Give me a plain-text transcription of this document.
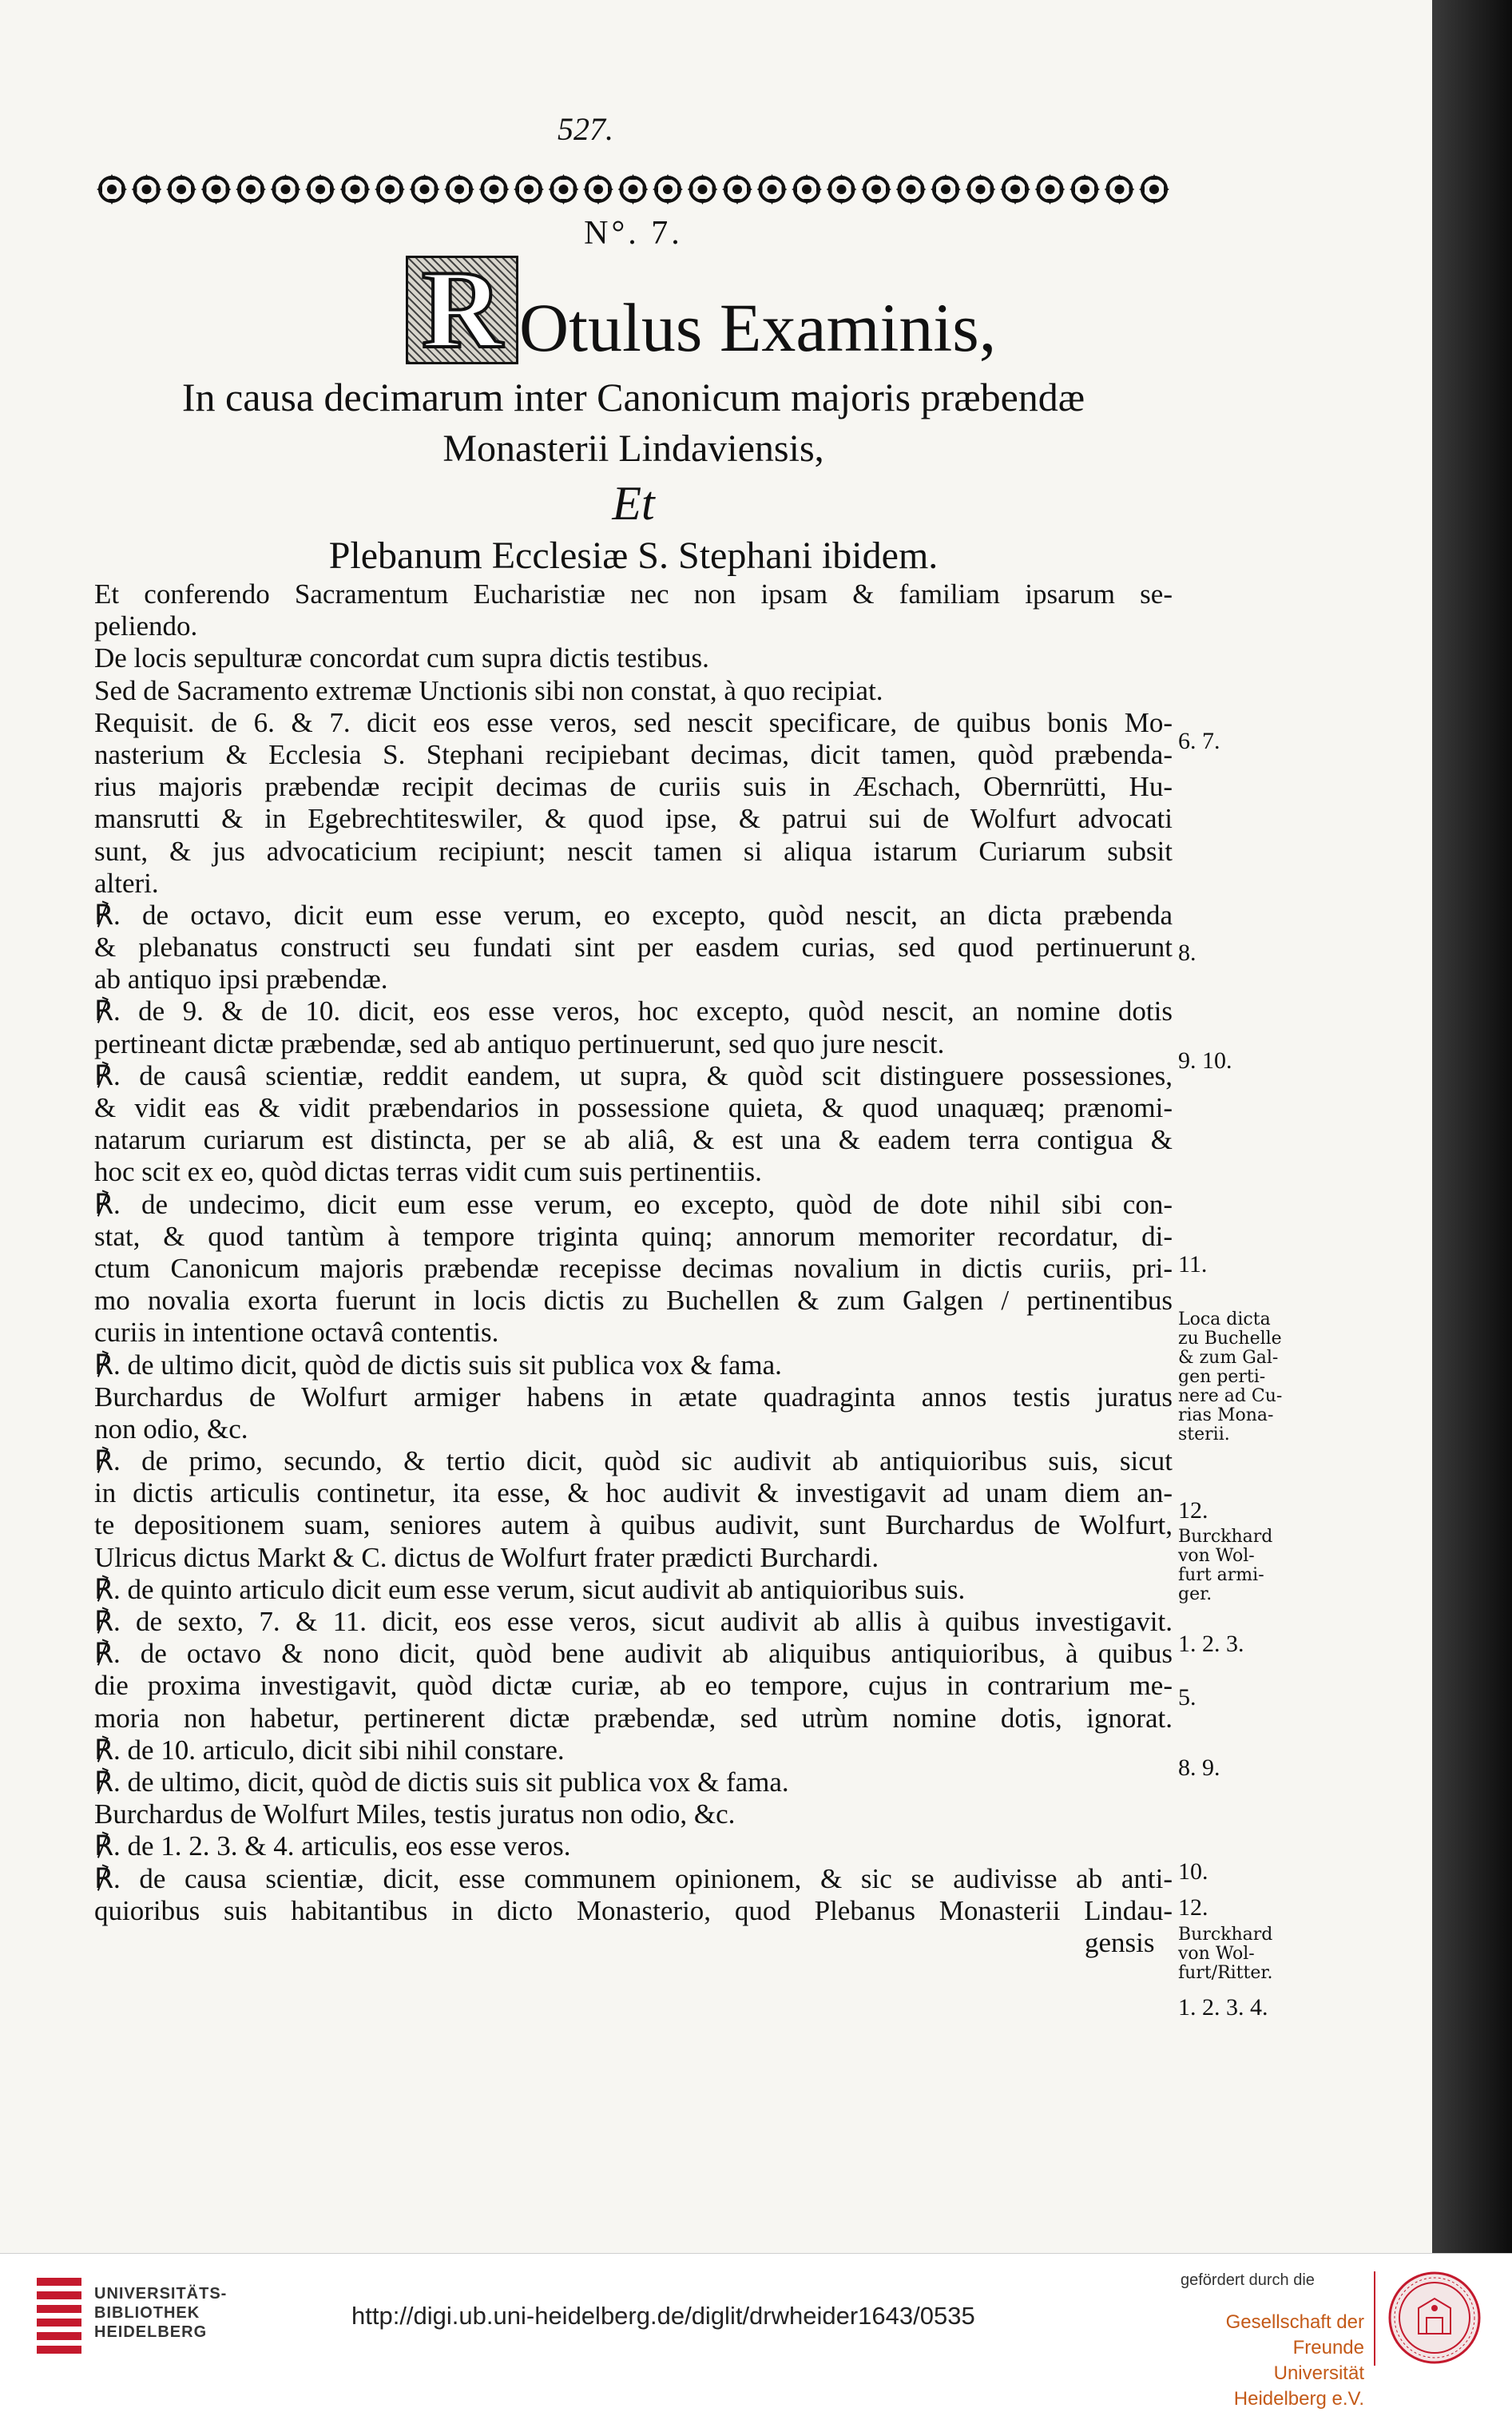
527.
N°. 7.
R Otulus Examinis,
In causa decimarum inter Canonicum majoris præbendæ
Monasterii Lindaviensis,
Et
Plebanum Ecclesiæ S. Stephani ibidem.
Et conferendo Sacramentum Eucharistiæ nec non ipsam & familiam ipsarum se-
peliendo.
De locis sepulturæ concordat cum supra dictis testibus.
Sed de Sacramento extremæ Unctionis sibi non constat, à quo recipiat.
Requisit. de 6. & 7. dicit eos esse veros, sed nescit specificare, de quibus bonis Mo-
nasterium & Ecclesia S. Stephani recipiebant decimas, dicit tamen, quòd præbenda-
rius majoris præbendæ recipit decimas de curiis suis in Æschach, Obernrütti, Hu-
mansrutti & in Egebrechtiteswiler, & quod ipse, & patrui sui de Wolfurt advocati
sunt, & jus advocaticium recipiunt; nescit tamen si aliqua istarum Curiarum subsit
alteri.
℟. de octavo, dicit eum esse verum, eo excepto, quòd nescit, an dicta præbenda
& plebanatus constructi seu fundati sint per easdem curias, sed quod pertinuerunt
ab antiquo ipsi præbendæ.
℟. de 9. & de 10. dicit, eos esse veros, hoc excepto, quòd nescit, an nomine dotis
pertineant dictæ præbendæ, sed ab antiquo pertinuerunt, sed quo jure nescit.
℟. de causâ scientiæ, reddit eandem, ut supra, & quòd scit distinguere possessiones,
& vidit eas & vidit præbendarios in possessione quieta, & quod unaquæq; prænomi-
natarum curiarum est distincta, per se ab aliâ, & est una & eadem terra contigua &
hoc scit ex eo, quòd dictas terras vidit cum suis pertinentiis.
℟. de undecimo, dicit eum esse verum, eo excepto, quòd de dote nihil sibi con-
stat, & quod tantùm à tempore triginta quinq; annorum memoriter recordatur, di-
ctum Canonicum majoris præbendæ recepisse decimas novalium in dictis curiis, pri-
mo novalia exorta fuerunt in locis dictis zu Buchellen & zum Galgen / pertinentibus
curiis in intentione octavâ contentis.
℟. de ultimo dicit, quòd de dictis suis sit publica vox & fama.
Burchardus de Wolfurt armiger habens in ætate quadraginta annos testis juratus
non odio, &c.
℟. de primo, secundo, & tertio dicit, quòd sic audivit ab antiquioribus suis, sicut
in dictis articulis continetur, ita esse, & hoc audivit & investigavit ad unam diem an-
te depositionem suam, seniores autem à quibus audivit, sunt Burchardus de Wolfurt,
Ulricus dictus Markt & C. dictus de Wolfurt frater prædicti Burchardi.
℟. de quinto articulo dicit eum esse verum, sicut audivit ab antiquioribus suis.
℟. de sexto, 7. & 11. dicit, eos esse veros, sicut audivit ab allis à quibus investigavit.
℟. de octavo & nono dicit, quòd bene audivit ab aliquibus antiquioribus, à quibus
die proxima investigavit, quòd dictæ curiæ, ab eo tempore, cujus in contrarium me-
moria non habetur, pertinerent dictæ præbendæ, sed utrùm nomine dotis, ignorat.
℟. de 10. articulo, dicit sibi nihil constare.
℟. de ultimo, dicit, quòd de dictis suis sit publica vox & fama.
Burchardus de Wolfurt Miles, testis juratus non odio, &c.
℟. de 1. 2. 3. & 4. articulis, eos esse veros.
℟. de causa scientiæ, dicit, esse communem opinionem, & sic se audivisse ab anti-
quioribus suis habitantibus in dicto Monasterio, quod Plebanus Monasterii Lindau-
gensis
6. 7.
8.
9. 10.
11.
Loca dicta
zu Buchelle
& zum Gal-
gen perti-
nere ad Cu-
rias Mona-
sterii.
12.
Burckhard
von Wol-
furt armi-
ger.
1. 2. 3.
5.
8. 9.
10.
12.
Burckhard
von Wol-
furt/Ritter.
1. 2. 3. 4.
UNIVERSITÄTS-
BIBLIOTHEK
HEIDELBERG
http://digi.ub.uni-heidelberg.de/diglit/drwheider1643/0535
gefördert durch die
Gesellschaft der Freunde
Universität Heidelberg e.V.
